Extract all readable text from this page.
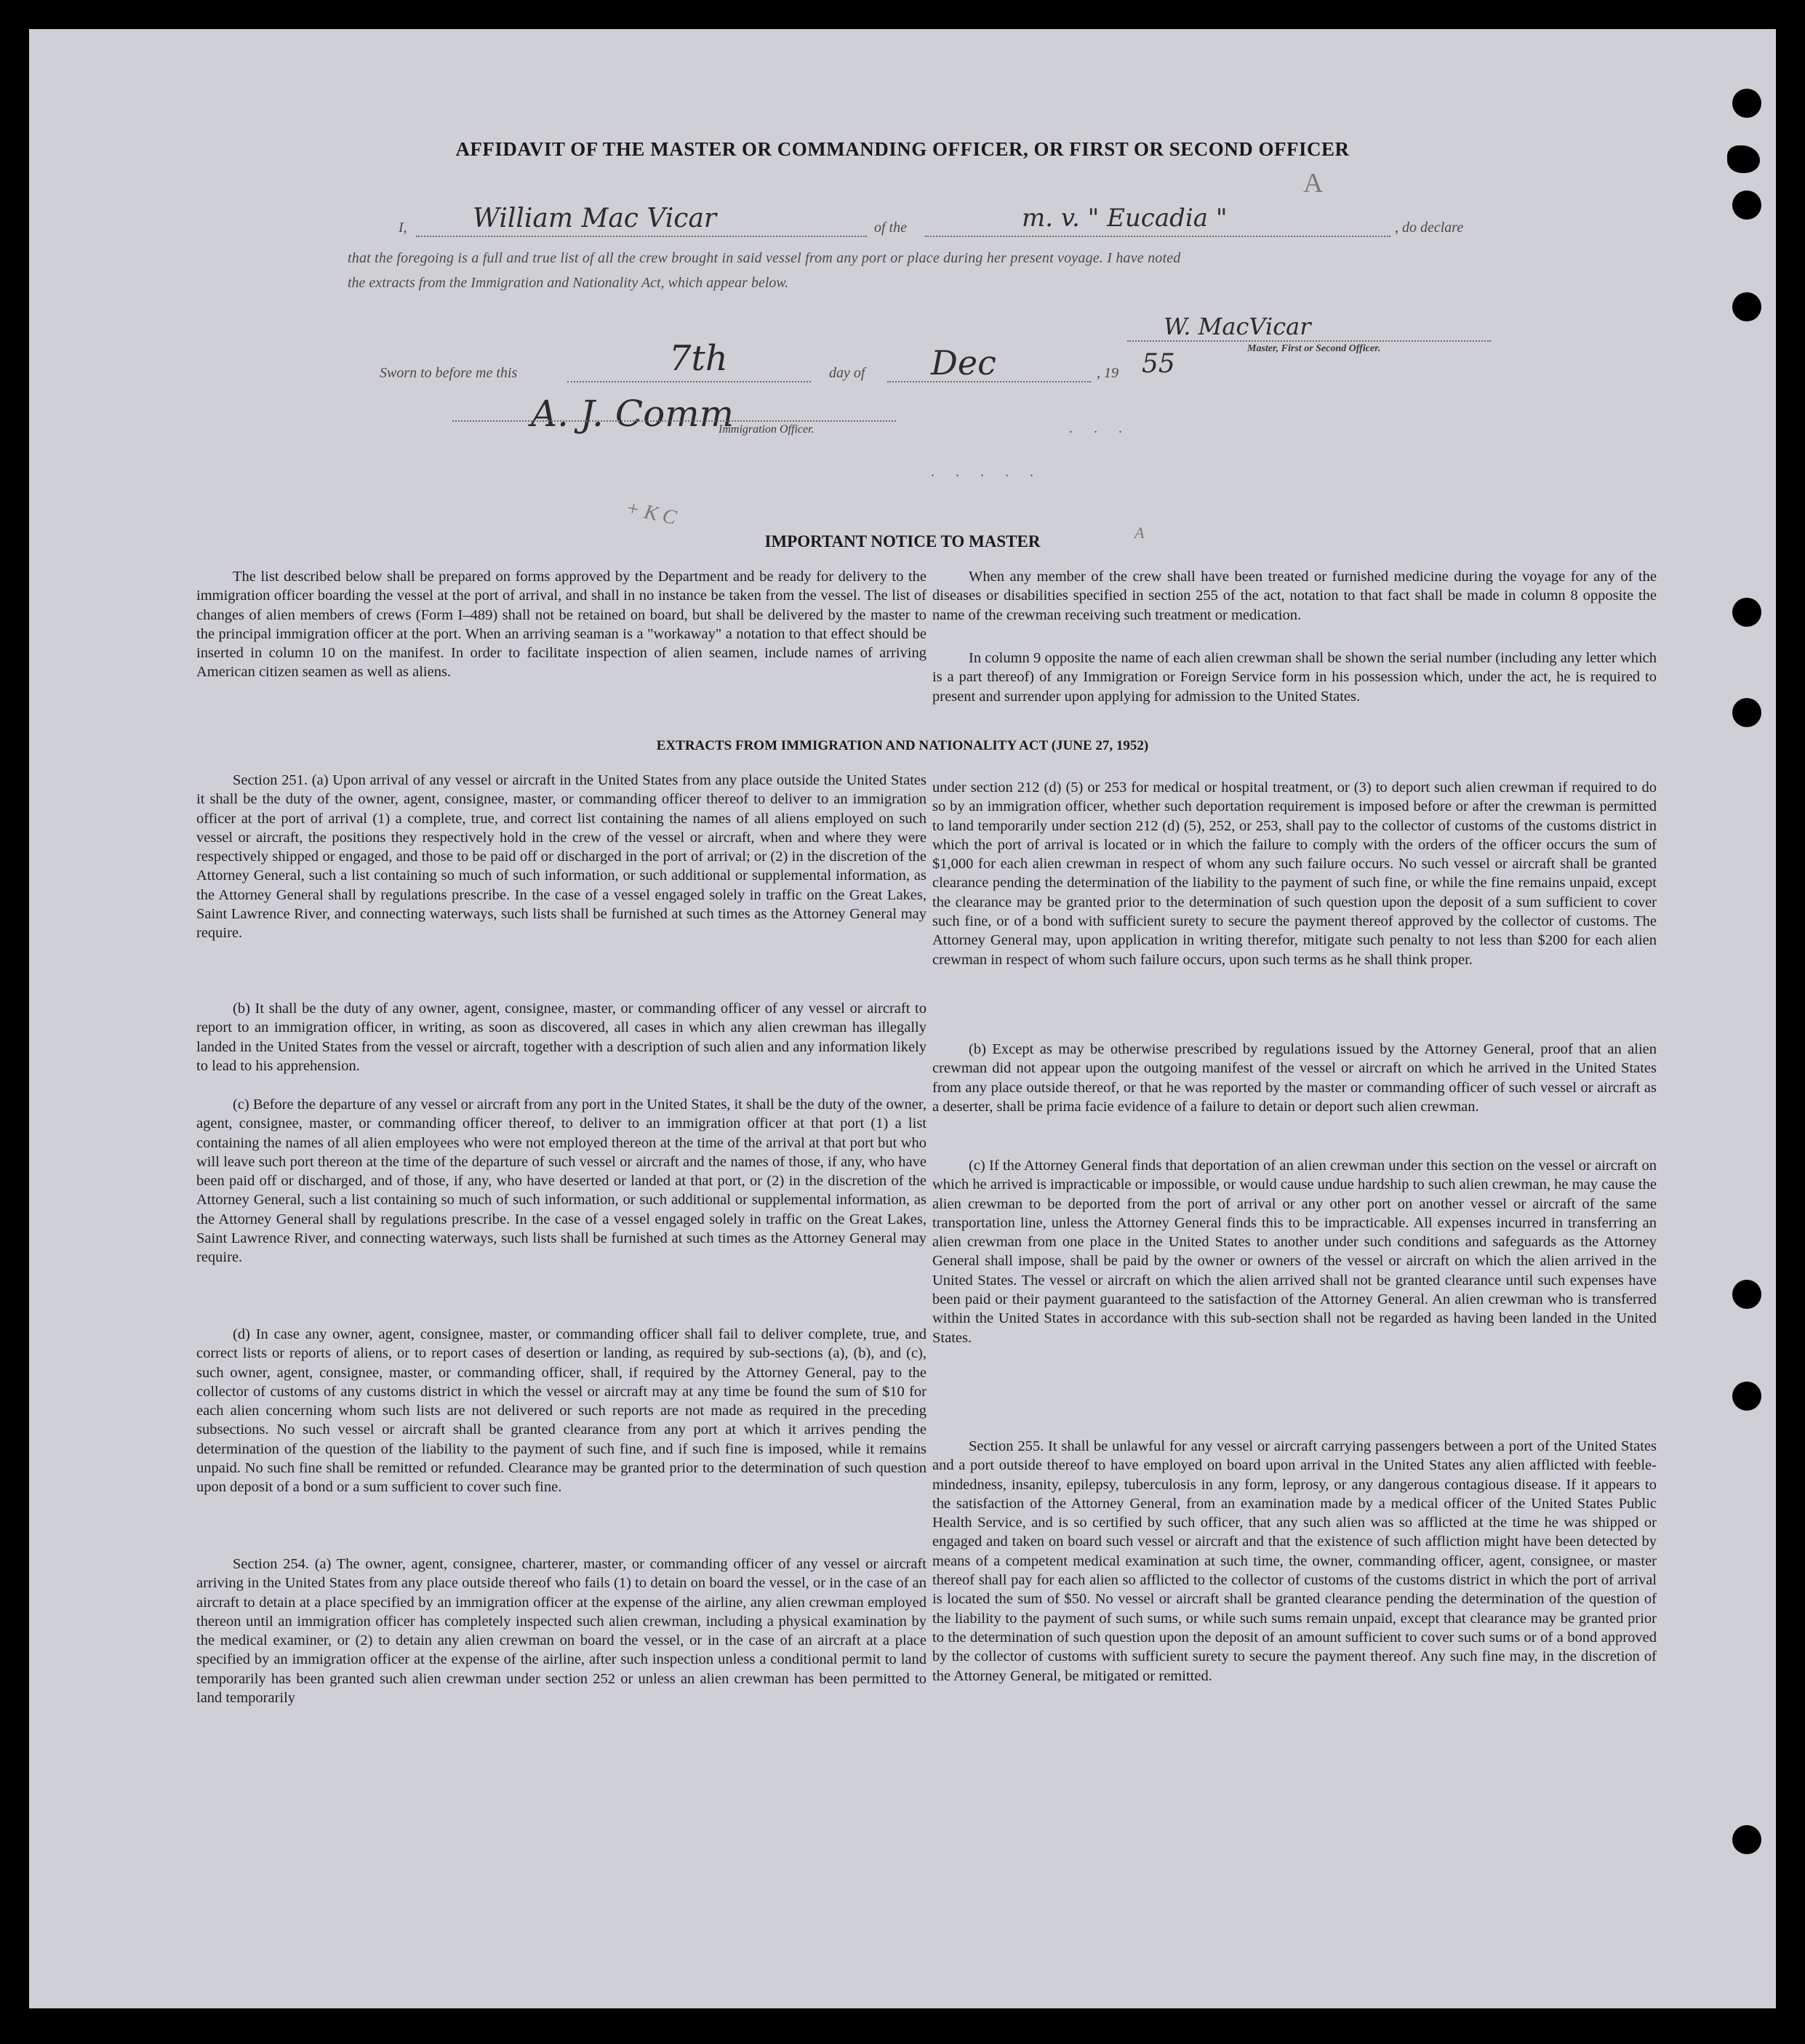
AFFIDAVIT OF THE MASTER OR COMMANDING OFFICER, OR FIRST OR SECOND OFFICER
I,	William Mac Vicar	of the	m. v. " Eucadia "	, do declare
A
that the foregoing is a full and true list of all the crew brought in said vessel from any port or place during her present voyage. I have noted
the extracts from the Immigration and Nationality Act, which appear below.
W. MacVicar
Master, First or Second Officer.
Sworn to before me this	7th	day of Dec	, 19 55
A. J. Comm
Immigration Officer.	. . .
. . . . .
+ K C
A
IMPORTANT NOTICE TO MASTER

The list described below shall be prepared on forms approved by the Department and be ready for delivery to the immigration officer boarding the vessel at the port of arrival, and shall in no instance be taken from the vessel. The list of changes of alien members of crews (Form I–489) shall not be retained on board, but shall be delivered by the master to the principal immigration officer at the port. When an arriving seaman is a "workaway" a notation to that effect should be inserted in column 10 on the manifest. In order to facilitate inspection of alien seamen, include names of arriving American citizen seamen as well as aliens.

When any member of the crew shall have been treated or furnished medicine during the voyage for any of the diseases or disabilities specified in section 255 of the act, notation to that fact shall be made in column 8 opposite the name of the crewman receiving such treatment or medication.

In column 9 opposite the name of each alien crewman shall be shown the serial number (including any letter which is a part thereof) of any Immigration or Foreign Service form in his possession which, under the act, he is required to present and surrender upon applying for admission to the United States.

EXTRACTS FROM IMMIGRATION AND NATIONALITY ACT (JUNE 27, 1952)

Section 251. (a) Upon arrival of any vessel or aircraft in the United States from any place outside the United States it shall be the duty of the owner, agent, consignee, master, or commanding officer thereof to deliver to an immigration officer at the port of arrival (1) a complete, true, and correct list containing the names of all aliens employed on such vessel or aircraft, the positions they respectively hold in the crew of the vessel or aircraft, when and where they were respectively shipped or engaged, and those to be paid off or discharged in the port of arrival; or (2) in the discretion of the Attorney General, such a list containing so much of such information, or such additional or supplemental information, as the Attorney General shall by regulations prescribe. In the case of a vessel engaged solely in traffic on the Great Lakes, Saint Lawrence River, and connecting waterways, such lists shall be furnished at such times as the Attorney General may require.

(b) It shall be the duty of any owner, agent, consignee, master, or commanding officer of any vessel or aircraft to report to an immigration officer, in writing, as soon as discovered, all cases in which any alien crewman has illegally landed in the United States from the vessel or aircraft, together with a description of such alien and any information likely to lead to his apprehension.

(c) Before the departure of any vessel or aircraft from any port in the United States, it shall be the duty of the owner, agent, consignee, master, or commanding officer thereof, to deliver to an immigration officer at that port (1) a list containing the names of all alien employees who were not employed thereon at the time of the arrival at that port but who will leave such port thereon at the time of the departure of such vessel or aircraft and the names of those, if any, who have been paid off or discharged, and of those, if any, who have deserted or landed at that port, or (2) in the discretion of the Attorney General, such a list containing so much of such information, or such additional or supplemental information, as the Attorney General shall by regulations prescribe. In the case of a vessel engaged solely in traffic on the Great Lakes, Saint Lawrence River, and connecting waterways, such lists shall be furnished at such times as the Attorney General may require.

(d) In case any owner, agent, consignee, master, or commanding officer shall fail to deliver complete, true, and correct lists or reports of aliens, or to report cases of desertion or landing, as required by sub-sections (a), (b), and (c), such owner, agent, consignee, master, or commanding officer, shall, if required by the Attorney General, pay to the collector of customs of any customs district in which the vessel or aircraft may at any time be found the sum of $10 for each alien concerning whom such lists are not delivered or such reports are not made as required in the preceding subsections. No such vessel or aircraft shall be granted clearance from any port at which it arrives pending the determination of the question of the liability to the payment of such fine, and if such fine is imposed, while it remains unpaid. No such fine shall be remitted or refunded. Clearance may be granted prior to the determination of such question upon deposit of a bond or a sum sufficient to cover such fine.

Section 254. (a) The owner, agent, consignee, charterer, master, or commanding officer of any vessel or aircraft arriving in the United States from any place outside thereof who fails (1) to detain on board the vessel, or in the case of an aircraft to detain at a place specified by an immigration officer at the expense of the airline, any alien crewman employed thereon until an immigration officer has completely inspected such alien crewman, including a physical examination by the medical examiner, or (2) to detain any alien crewman on board the vessel, or in the case of an aircraft at a place specified by an immigration officer at the expense of the airline, after such inspection unless a conditional permit to land temporarily has been granted such alien crewman under section 252 or unless an alien crewman has been permitted to land temporarily

under section 212 (d) (5) or 253 for medical or hospital treatment, or (3) to deport such alien crewman if required to do so by an immigration officer, whether such deportation requirement is imposed before or after the crewman is permitted to land temporarily under section 212 (d) (5), 252, or 253, shall pay to the collector of customs of the customs district in which the port of arrival is located or in which the failure to comply with the orders of the officer occurs the sum of $1,000 for each alien crewman in respect of whom any such failure occurs. No such vessel or aircraft shall be granted clearance pending the determination of the liability to the payment of such fine, or while the fine remains unpaid, except the clearance may be granted prior to the determination of such question upon the deposit of a sum sufficient to cover such fine, or of a bond with sufficient surety to secure the payment thereof approved by the collector of customs. The Attorney General may, upon application in writing therefor, mitigate such penalty to not less than $200 for each alien crewman in respect of whom such failure occurs, upon such terms as he shall think proper.

(b) Except as may be otherwise prescribed by regulations issued by the Attorney General, proof that an alien crewman did not appear upon the outgoing manifest of the vessel or aircraft on which he arrived in the United States from any place outside thereof, or that he was reported by the master or commanding officer of such vessel or aircraft as a deserter, shall be prima facie evidence of a failure to detain or deport such alien crewman.

(c) If the Attorney General finds that deportation of an alien crewman under this section on the vessel or aircraft on which he arrived is impracticable or impossible, or would cause undue hardship to such alien crewman, he may cause the alien crewman to be deported from the port of arrival or any other port on another vessel or aircraft of the same transportation line, unless the Attorney General finds this to be impracticable. All expenses incurred in transferring an alien crewman from one place in the United States to another under such conditions and safeguards as the Attorney General shall impose, shall be paid by the owner or owners of the vessel or aircraft on which the alien arrived in the United States. The vessel or aircraft on which the alien arrived shall not be granted clearance until such expenses have been paid or their payment guaranteed to the satisfaction of the Attorney General. An alien crewman who is transferred within the United States in accordance with this sub-section shall not be regarded as having been landed in the United States.

Section 255. It shall be unlawful for any vessel or aircraft carrying passengers between a port of the United States and a port outside thereof to have employed on board upon arrival in the United States any alien afflicted with feeble-mindedness, insanity, epilepsy, tuberculosis in any form, leprosy, or any dangerous contagious disease. If it appears to the satisfaction of the Attorney General, from an examination made by a medical officer of the United States Public Health Service, and is so certified by such officer, that any such alien was so afflicted at the time he was shipped or engaged and taken on board such vessel or aircraft and that the existence of such affliction might have been detected by means of a competent medical examination at such time, the owner, commanding officer, agent, consignee, or master thereof shall pay for each alien so afflicted to the collector of customs of the customs district in which the port of arrival is located the sum of $50. No vessel or aircraft shall be granted clearance pending the determination of the question of the liability to the payment of such sums, or while such sums remain unpaid, except that clearance may be granted prior to the determination of such question upon the deposit of an amount sufficient to cover such sums or of a bond approved by the collector of customs with sufficient surety to secure the payment thereof. Any such fine may, in the discretion of the Attorney General, be mitigated or remitted.
